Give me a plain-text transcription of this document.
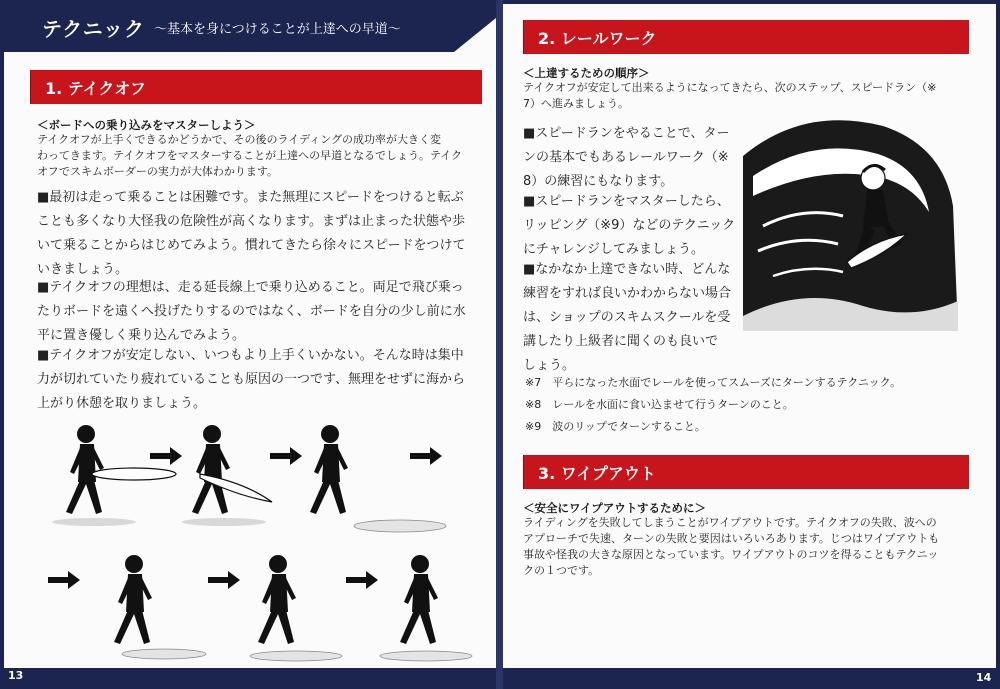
テクニック 〜基本を身につけることが上達への早道〜
1. テイクオフ
＜ボードへの乗り込みをマスターしよう＞
テイクオフが上手くできるかどうかで、その後のライディングの成功率が大きく変
わってきます。テイクオフをマスターすることが上達への早道となるでしょう。テイク
オフでスキムボーダーの実力が大体わかります。
■最初は走って乗ることは困難です。また無理にスピードをつけると転ぶ
ことも多くなり大怪我の危険性が高くなります。まずは止まった状態や歩
いて乗ることからはじめてみよう。慣れてきたら徐々にスピードをつけて
いきましょう。
■テイクオフの理想は、走る延長線上で乗り込めること。両足で飛び乗っ
たりボードを遠くへ投げたりするのではなく、ボードを自分の少し前に水
平に置き優しく乗り込んでみよう。
■テイクオフが安定しない、いつもより上手くいかない。そんな時は集中
力が切れていたり疲れていることも原因の一つです、無理をせずに海から
上がり休憩を取りましょう。
2. レールワーク
＜上達するための順序＞
テイクオフが安定して出来るようになってきたら、次のステップ、スピードラン（※
7）へ進みましょう。
■スピードランをやることで、ター
ンの基本でもあるレールワーク（※
8）の練習にもなります。
■スピードランをマスターしたら、
リッピング（※9）などのテクニック
にチャレンジしてみましょう。
■なかなか上達できない時、どんな
練習をすれば良いかわからない場合
は、ショップのスキムスクールを受
講したり上級者に聞くのも良いで
しょう。
※7　平らになった水面でレールを使ってスムーズにターンするテクニック。
※8　レールを水面に食い込ませて行うターンのこと。
※9　波のリップでターンすること。
3. ワイプアウト
＜安全にワイプアウトするために＞
ライディングを失敗してしまうことがワイプアウトです。テイクオフの失敗、波への
アプローチで失速、ターンの失敗と要因はいろいろあります。じつはワイプアウトも
事故や怪我の大きな原因となっています。ワイプアウトのコツを得ることもテクニッ
クの１つです。
13	14
